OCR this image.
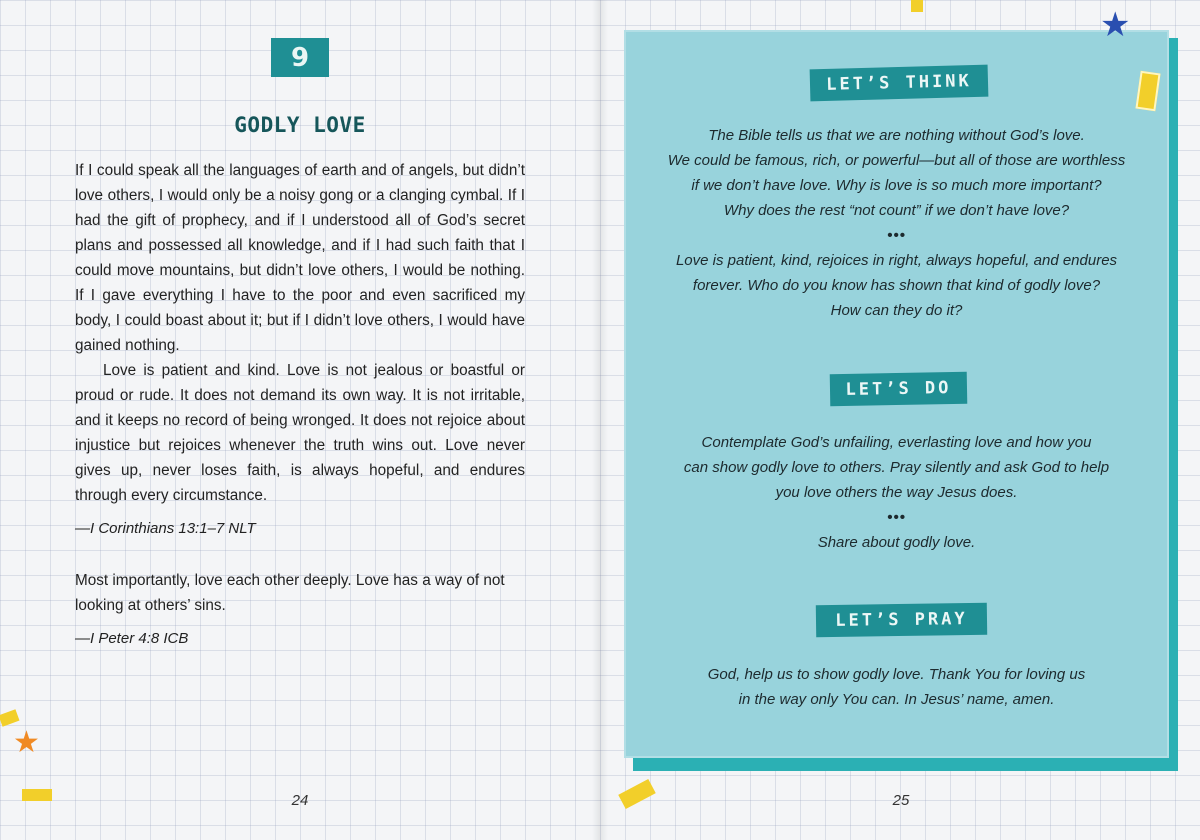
9
GODLY LOVE

If I could speak all the languages of earth and of angels, but didn’t love others, I would only be a noisy gong or a clanging cymbal. If I had the gift of prophecy, and if I understood all of God’s secret plans and possessed all knowledge, and if I had such faith that I could move mountains, but didn’t love others, I would be nothing. If I gave everything I have to the poor and even sacrificed my body, I could boast about it; but if I didn’t love others, I would have gained nothing.

Love is patient and kind. Love is not jealous or boastful or proud or rude. It does not demand its own way. It is not irritable, and it keeps no record of being wronged. It does not rejoice about injustice but rejoices whenever the truth wins out. Love never gives up, never loses faith, is always hopeful, and endures through every circumstance.

—I Corinthians 13:1–7 NLT

Most importantly, love each other deeply. Love has a way of not looking at others’ sins.

—I Peter 4:8 ICB
24
★
LET’S THINK
The Bible tells us that we are nothing without God’s love.
We could be famous, rich, or powerful—but all of those are worthless
if we don’t have love. Why is love is so much more important?
Why does the rest “not count” if we don’t have love?
•••
Love is patient, kind, rejoices in right, always hopeful, and endures
forever. Who do you know has shown that kind of godly love?
How can they do it?
LET’S DO
Contemplate God’s unfailing, everlasting love and how you
can show godly love to others. Pray silently and ask God to help
you love others the way Jesus does.
•••
Share about godly love.
LET’S PRAY
God, help us to show godly love. Thank You for loving us
in the way only You can. In Jesus’ name, amen.
25
★
